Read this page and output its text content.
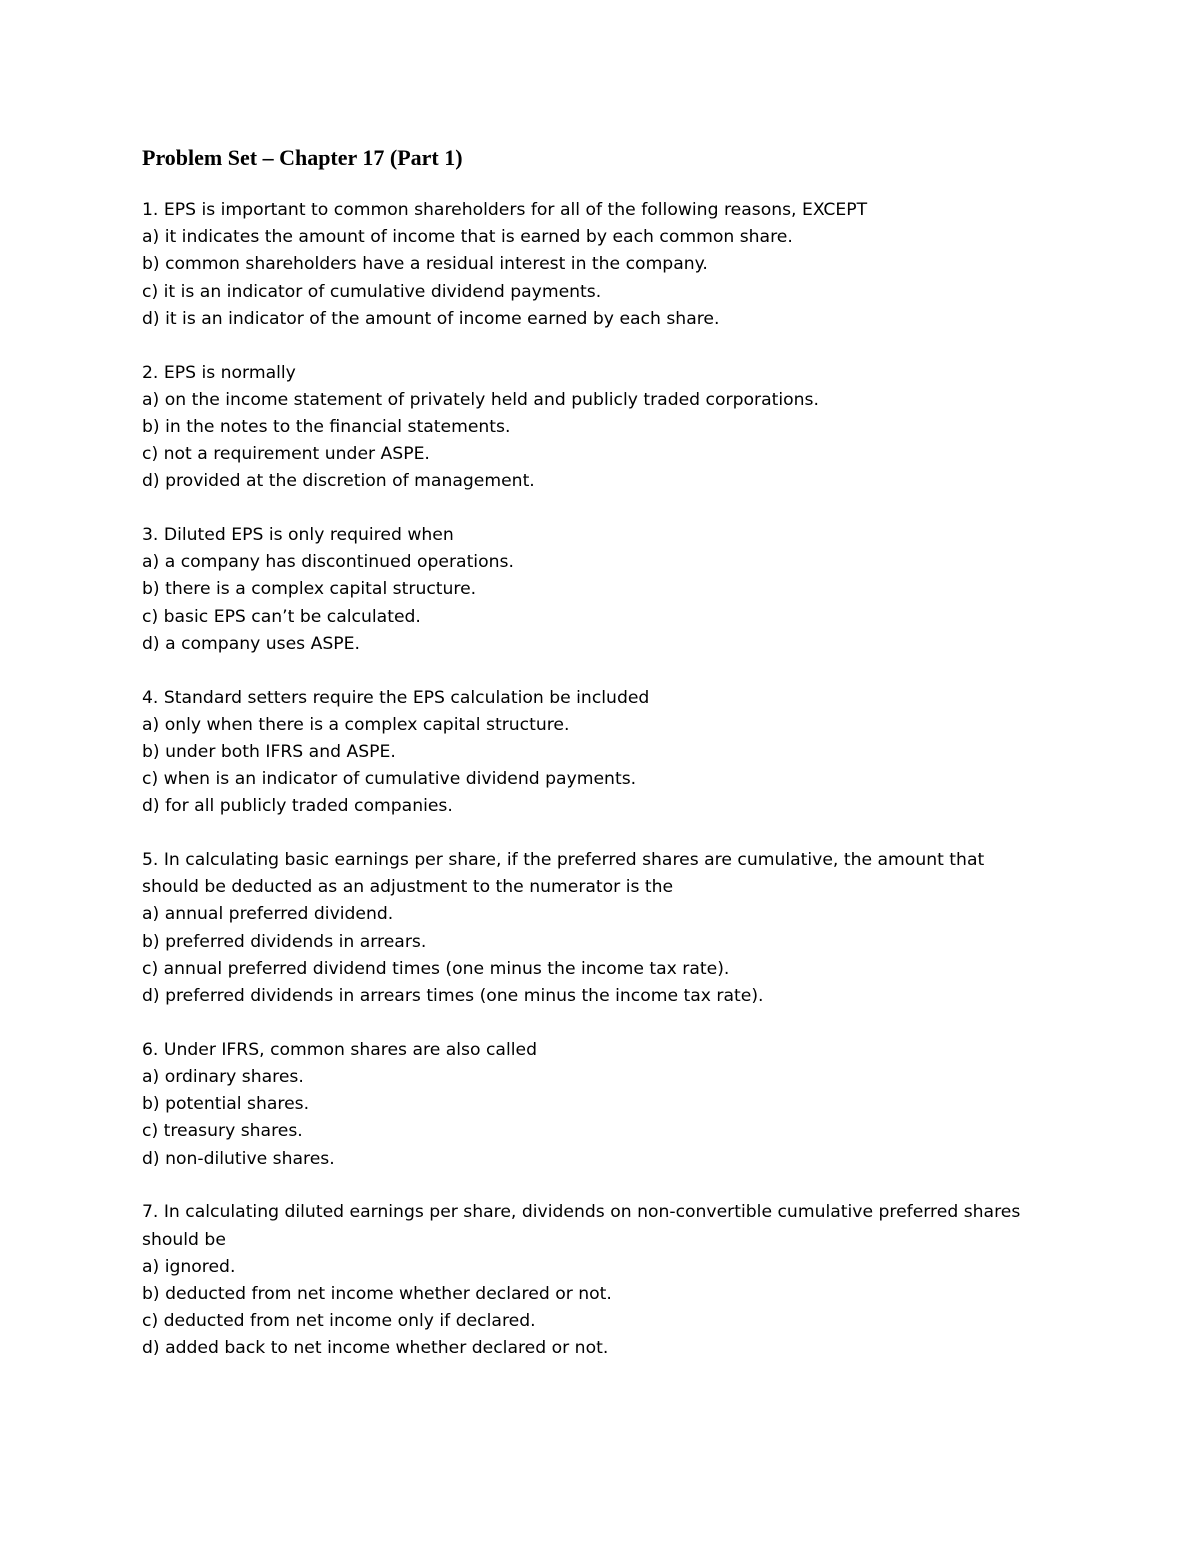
Problem Set – Chapter 17 (Part 1)
1. EPS is important to common shareholders for all of the following reasons, EXCEPT
a) it indicates the amount of income that is earned by each common share.
b) common shareholders have a residual interest in the company.
c) it is an indicator of cumulative dividend payments.
d) it is an indicator of the amount of income earned by each share.
2. EPS is normally
a) on the income statement of privately held and publicly traded corporations.
b) in the notes to the financial statements.
c) not a requirement under ASPE.
d) provided at the discretion of management.
3. Diluted EPS is only required when
a) a company has discontinued operations.
b) there is a complex capital structure.
c) basic EPS can’t be calculated.
d) a company uses ASPE.
4. Standard setters require the EPS calculation be included
a) only when there is a complex capital structure.
b) under both IFRS and ASPE.
c) when is an indicator of cumulative dividend payments.
d) for all publicly traded companies.
5. In calculating basic earnings per share, if the preferred shares are cumulative, the amount that
should be deducted as an adjustment to the numerator is the
a) annual preferred dividend.
b) preferred dividends in arrears.
c) annual preferred dividend times (one minus the income tax rate).
d) preferred dividends in arrears times (one minus the income tax rate).
6. Under IFRS, common shares are also called
a) ordinary shares.
b) potential shares.
c) treasury shares.
d) non-dilutive shares.
7. In calculating diluted earnings per share, dividends on non-convertible cumulative preferred shares
should be
a) ignored.
b) deducted from net income whether declared or not.
c) deducted from net income only if declared.
d) added back to net income whether declared or not.
